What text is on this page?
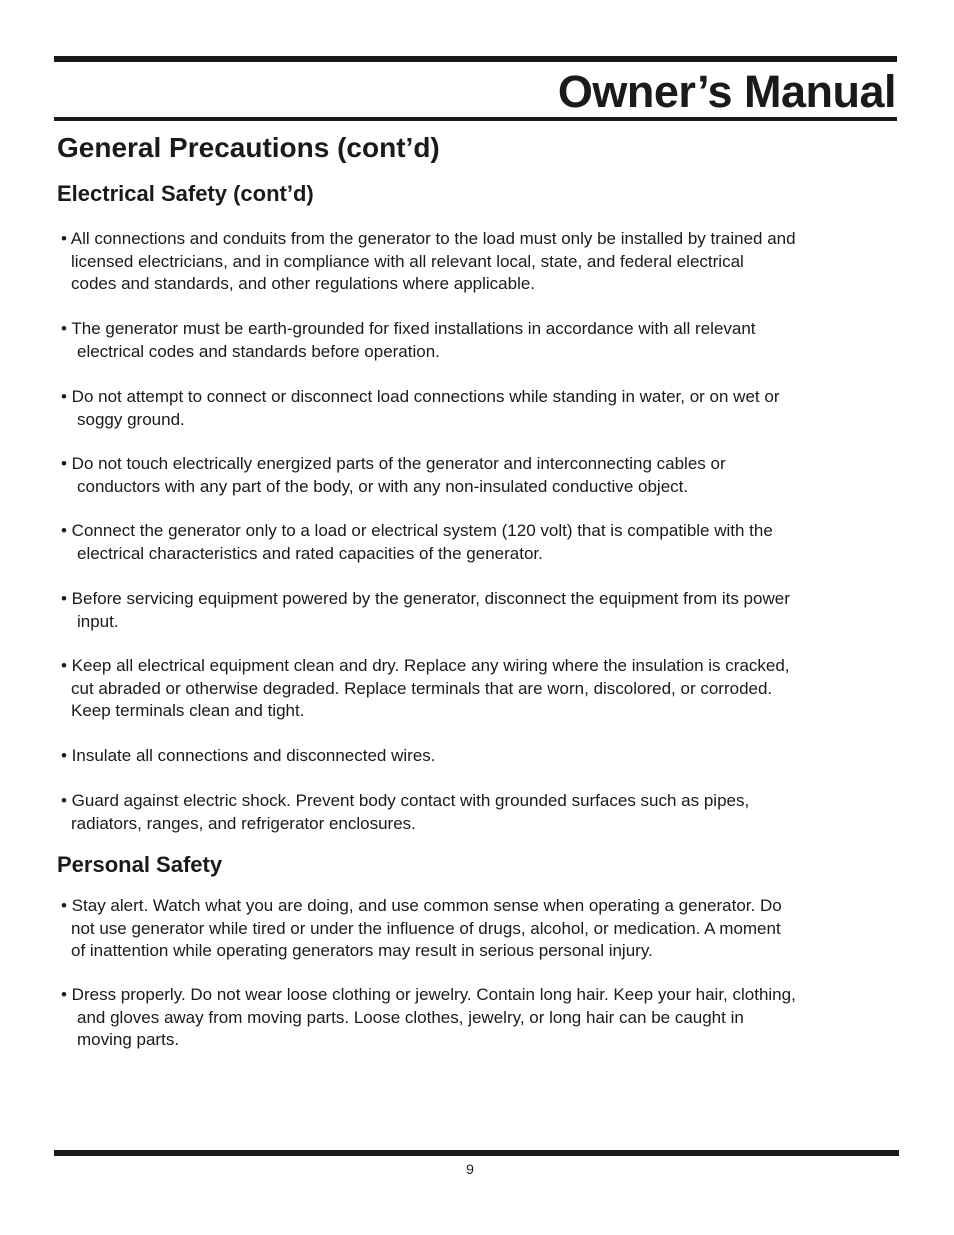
Owner’s Manual
General Precautions (cont’d)
Electrical Safety (cont’d)
• All connections and conduits from the generator to the load must only be installed by trained and
licensed electricians, and in compliance with all relevant local, state, and federal electrical
codes and standards, and other regulations where applicable.
• The generator must be earth-grounded for fixed installations in accordance with all relevant
electrical codes and standards before operation.
• Do not attempt to connect or disconnect load connections while standing in water, or on wet or
soggy ground.
• Do not touch electrically energized parts of the generator and interconnecting cables or
conductors with any part of the body, or with any non-insulated conductive object.
• Connect the generator only to a load or electrical system (120 volt) that is compatible with the
electrical characteristics and rated capacities of the generator.
• Before servicing equipment powered by the generator, disconnect the equipment from its power
input.
• Keep all electrical equipment clean and dry. Replace any wiring where the insulation is cracked,
cut abraded or otherwise degraded. Replace terminals that are worn, discolored, or corroded.
Keep terminals clean and tight.
• Insulate all connections and disconnected wires.
• Guard against electric shock. Prevent body contact with grounded surfaces such as pipes,
radiators, ranges, and refrigerator enclosures.
Personal Safety
• Stay alert. Watch what you are doing, and use common sense when operating a generator. Do
not use generator while tired or under the influence of drugs, alcohol, or medication. A moment
of inattention while operating generators may result in serious personal injury.
• Dress properly. Do not wear loose clothing or jewelry. Contain long hair. Keep your hair, clothing,
and gloves away from moving parts. Loose clothes, jewelry, or long hair can be caught in
moving parts.
9
